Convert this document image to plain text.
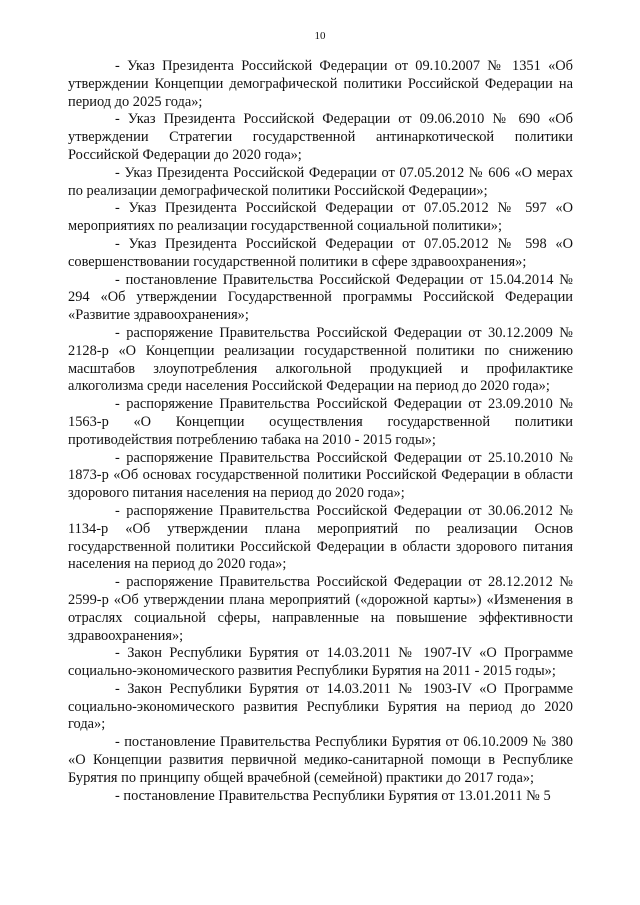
10

- Указ Президента Российской Федерации от 09.10.2007 № 1351 «Об утверждении Концепции демографической политики Российской Федерации на период до 2025 года»;

- Указ Президента Российской Федерации от 09.06.2010 № 690 «Об утверждении Стратегии государственной антинаркотической политики Российской Федерации до 2020 года»;

- Указ Президента Российской Федерации от 07.05.2012 № 606 «О мерах по реализации демографической политики Российской Федерации»;

- Указ Президента Российской Федерации от 07.05.2012 № 597 «О мероприятиях по реализации государственной социальной политики»;

- Указ Президента Российской Федерации от 07.05.2012 № 598 «О совершенствовании государственной политики в сфере здравоохранения»;

- постановление Правительства Российской Федерации от 15.04.2014 № 294 «Об утверждении Государственной программы Российской Федерации «Развитие здравоохранения»;

- распоряжение Правительства Российской Федерации от 30.12.2009 № 2128-р «О Концепции реализации государственной политики по снижению масштабов злоупотребления алкогольной продукцией и профилактике алкоголизма среди населения Российской Федерации на период до 2020 года»;

- распоряжение Правительства Российской Федерации от 23.09.2010 № 1563-р «О Концепции осуществления государственной политики противодействия потреблению табака на 2010 - 2015 годы»;

- распоряжение Правительства Российской Федерации от 25.10.2010 № 1873-р «Об основах государственной политики Российской Федерации в области здорового питания населения на период до 2020 года»;

- распоряжение Правительства Российской Федерации от 30.06.2012 № 1134-р «Об утверждении плана мероприятий по реализации Основ государственной политики Российской Федерации в области здорового питания населения на период до 2020 года»;

- распоряжение Правительства Российской Федерации от 28.12.2012 № 2599-р «Об утверждении плана мероприятий («дорожной карты») «Изменения в отраслях социальной сферы, направленные на повышение эффективности здравоохранения»;

- Закон Республики Бурятия от 14.03.2011 № 1907-IV «О Программе социально-экономического развития Республики Бурятия на 2011 - 2015 годы»;

- Закон Республики Бурятия от 14.03.2011 № 1903-IV «О Программе социально-экономического развития Республики Бурятия на период до 2020 года»;

- постановление Правительства Республики Бурятия от 06.10.2009 № 380 «О Концепции развития первичной медико-санитарной помощи в Республике Бурятия по принципу общей врачебной (семейной) практики до 2017 года»;

- постановление Правительства Республики Бурятия от 13.01.2011 № 5
